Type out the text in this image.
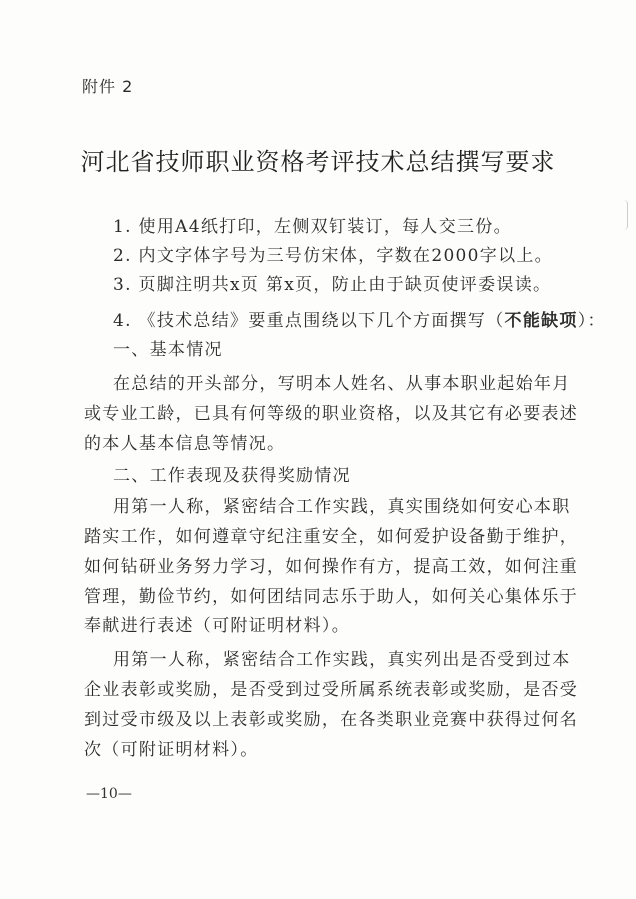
附件 2
河北省技师职业资格考评技术总结撰写要求
1. 使用A4纸打印，左侧双钉装订，每人交三份。
2. 内文字体字号为三号仿宋体，字数在2000字以上。
3. 页脚注明共x页 第x页，防止由于缺页使评委误读。
4. 《技术总结》要重点围绕以下几个方面撰写（不能缺项）：
一、基本情况
在总结的开头部分，写明本人姓名、从事本职业起始年月
或专业工龄，已具有何等级的职业资格，以及其它有必要表述
的本人基本信息等情况。
二、工作表现及获得奖励情况
用第一人称，紧密结合工作实践，真实围绕如何安心本职
踏实工作，如何遵章守纪注重安全，如何爱护设备勤于维护，
如何钻研业务努力学习，如何操作有方，提高工效，如何注重
管理，勤俭节约，如何团结同志乐于助人，如何关心集体乐于
奉献进行表述（可附证明材料）。
用第一人称，紧密结合工作实践，真实列出是否受到过本
企业表彰或奖励，是否受到过受所属系统表彰或奖励，是否受
到过受市级及以上表彰或奖励，在各类职业竞赛中获得过何名
次（可附证明材料）。
—10—
